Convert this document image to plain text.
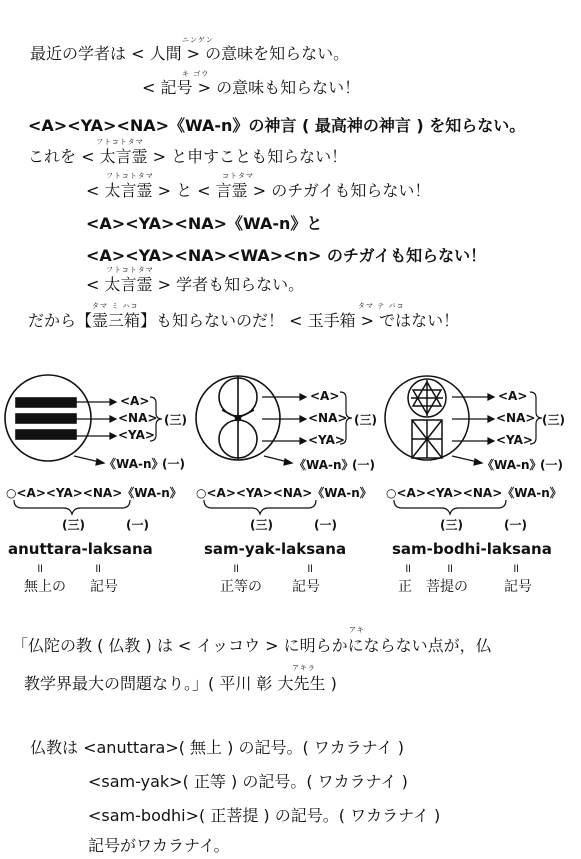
ニンゲン
最近の学者は < 人間 > の意味を知らない。
キ ゴウ
< 記号 > の意味も知らない！
<A><YA><NA>《WA-n》の神言 ( 最高神の神言 ) を知らない。
フトコトタマ
これを < 太言霊 > と申すことも知らない！
フトコトタマ	コトタマ
< 太言霊 > と < 言霊 > のチガイも知らない！
<A><YA><NA>《WA-n》と
<A><YA><NA><WA><n> のチガイも知らない！
フトコトタマ
< 太言霊 > 学者も知らない。
タマ ミ ハコ	タマ テ バコ
だから【霊三箱】も知らないのだ！ < 玉手箱 > ではない！
<A>
<NA>
<YA>
《WA-n》
(三)
(一)
<A>
<NA>
<YA>
《WA-n》
(三)
(一)
<A>
<NA>
<YA>
《WA-n》
(三)
(一)
○<A><YA><NA>《WA-n》 ○<A><YA><NA>《WA-n》 ○<A><YA><NA>《WA-n》
(三)	(一)	(三)	(一)	(三)	(一)
anuttara-laksana	sam-yak-laksana	sam-bodhi-laksana
॥	॥	॥	॥	॥	॥	॥
無上の 記号	正等の 記号	正　菩提の	記号
アキ
「仏陀の教 ( 仏教 ) は < イッコウ > に明らかにならない点が，仏
アキラ
教学界最大の問題なり。」( 平川 彰 大先生 )
仏教は <anuttara>( 無上 ) の記号。( ワカラナイ )
<sam-yak>( 正等 ) の記号。( ワカラナイ )
<sam-bodhi>( 正菩提 ) の記号。( ワカラナイ )
記号がワカラナイ。
